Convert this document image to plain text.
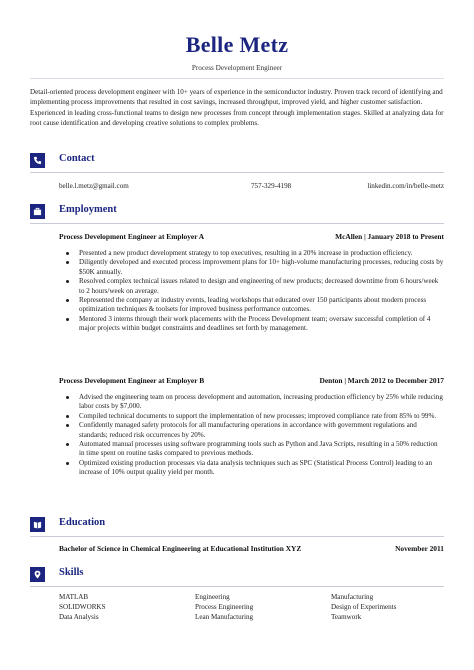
Belle Metz
Process Development Engineer
Detail-oriented process development engineer with 10+ years of experience in the semiconductor industry. Proven track record of identifying and implementing process improvements that resulted in cost savings, increased throughput, improved yield, and higher customer satisfaction. Experienced in leading cross-functional teams to design new processes from concept through implementation stages. Skilled at analyzing data for root cause identification and developing creative solutions to complex problems.
Contact
belle.l.metz@gmail.com	757-329-4198	linkedin.com/in/belle-metz
Employment
Process Development Engineer at Employer A	McAllen | January 2018 to Present
Presented a new product development strategy to top executives, resulting in a 20% increase in production efficiency.
Diligently developed and executed process improvement plans for 10+ high-volume manufacturing processes, reducing costs by $50K annually.
Resolved complex technical issues related to design and engineering of new products; decreased downtime from 6 hours/week to 2 hours/week on average.
Represented the company at industry events, leading workshops that educated over 150 participants about modern process optimization techniques & toolsets for improved business performance outcomes.
Mentored 3 interns through their work placements with the Process Development team; oversaw successful completion of 4 major projects within budget constraints and deadlines set forth by management.
Process Development Engineer at Employer B	Denton | March 2012 to December 2017
Advised the engineering team on process development and automation, increasing production efficiency by 25% while reducing labor costs by $7,000.
Compiled technical documents to support the implementation of new processes; improved compliance rate from 85% to 99%.
Confidently managed safety protocols for all manufacturing operations in accordance with government regulations and standards; reduced risk occurrences by 20%.
Automated manual processes using software programming tools such as Python and Java Scripts, resulting in a 50% reduction in time spent on routine tasks compared to previous methods.
Optimized existing production processes via data analysis techniques such as SPC (Statistical Process Control) leading to an increase of 10% output quality yield per month.
Education
Bachelor of Science in Chemical Engineering at Educational Institution XYZ	November 2011
Skills
MATLAB	Engineering	Manufacturing
SOLIDWORKS	Process Engineering	Design of Experiments
Data Analysis	Lean Manufacturing	Teamwork
